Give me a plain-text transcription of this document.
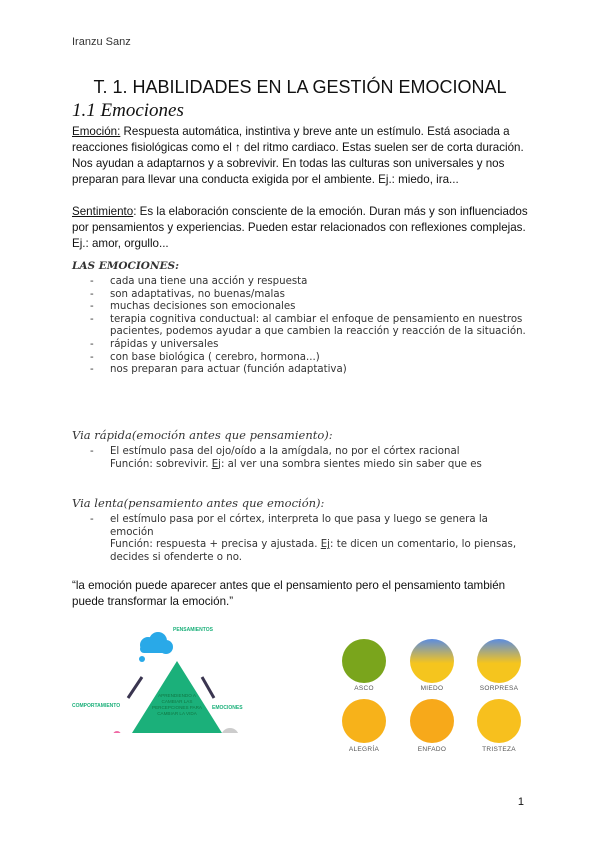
Iranzu Sanz
T. 1. HABILIDADES EN LA GESTIÓN EMOCIONAL
1.1 Emociones
Emoción: Respuesta automática, instintiva y breve ante un estímulo. Está asociada a reacciones fisiológicas como el ↑ del ritmo cardiaco. Estas suelen ser de corta duración. Nos ayudan a adaptarnos y a sobrevivir. En todas las culturas son universales y nos preparan para llevar una conducta exigida por el ambiente. Ej.: miedo, ira...
Sentimiento: Es la elaboración consciente de la emoción. Duran más y son influenciados por pensamientos y experiencias. Pueden estar relacionados con reflexiones complejas. Ej.: amor, orgullo...
LAS EMOCIONES:
- cada una tiene una acción y respuesta
- son adaptativas, no buenas/malas
- muchas decisiones son emocionales
- terapia cognitiva conductual: al cambiar el enfoque de pensamiento en nuestros pacientes, podemos ayudar a que cambien la reacción y reacción de la situación.
- rápidas y universales
- con base biológica ( cerebro, hormona...)
- nos preparan para actuar (función adaptativa)
Via rápida(emoción antes que pensamiento):
- El estímulo pasa del ojo/oído a la amígdala, no por el córtex racional
Función: sobrevivir. Ej: al ver una sombra sientes miedo sin saber que es
Via lenta(pensamiento antes que emoción):
- el estímulo pasa por el córtex, interpreta lo que pasa y luego se genera la emoción
Función: respuesta + precisa y ajustada. Ej: te dicen un comentario, lo piensas, decides si ofenderte o no.
“la emoción puede aparecer antes que el pensamiento pero el pensamiento también puede transformar la emoción.”
PENSAMIENTOS
COMPORTAMIENTO	EMOCIONES
APRENDIENDO A CAMBIAR LAS PERCEPCIONES PARA CAMBIAR LA VIDA
ASCO	MIEDO	SORPRESA
ALEGRÍA	ENFADO	TRISTEZA
1
